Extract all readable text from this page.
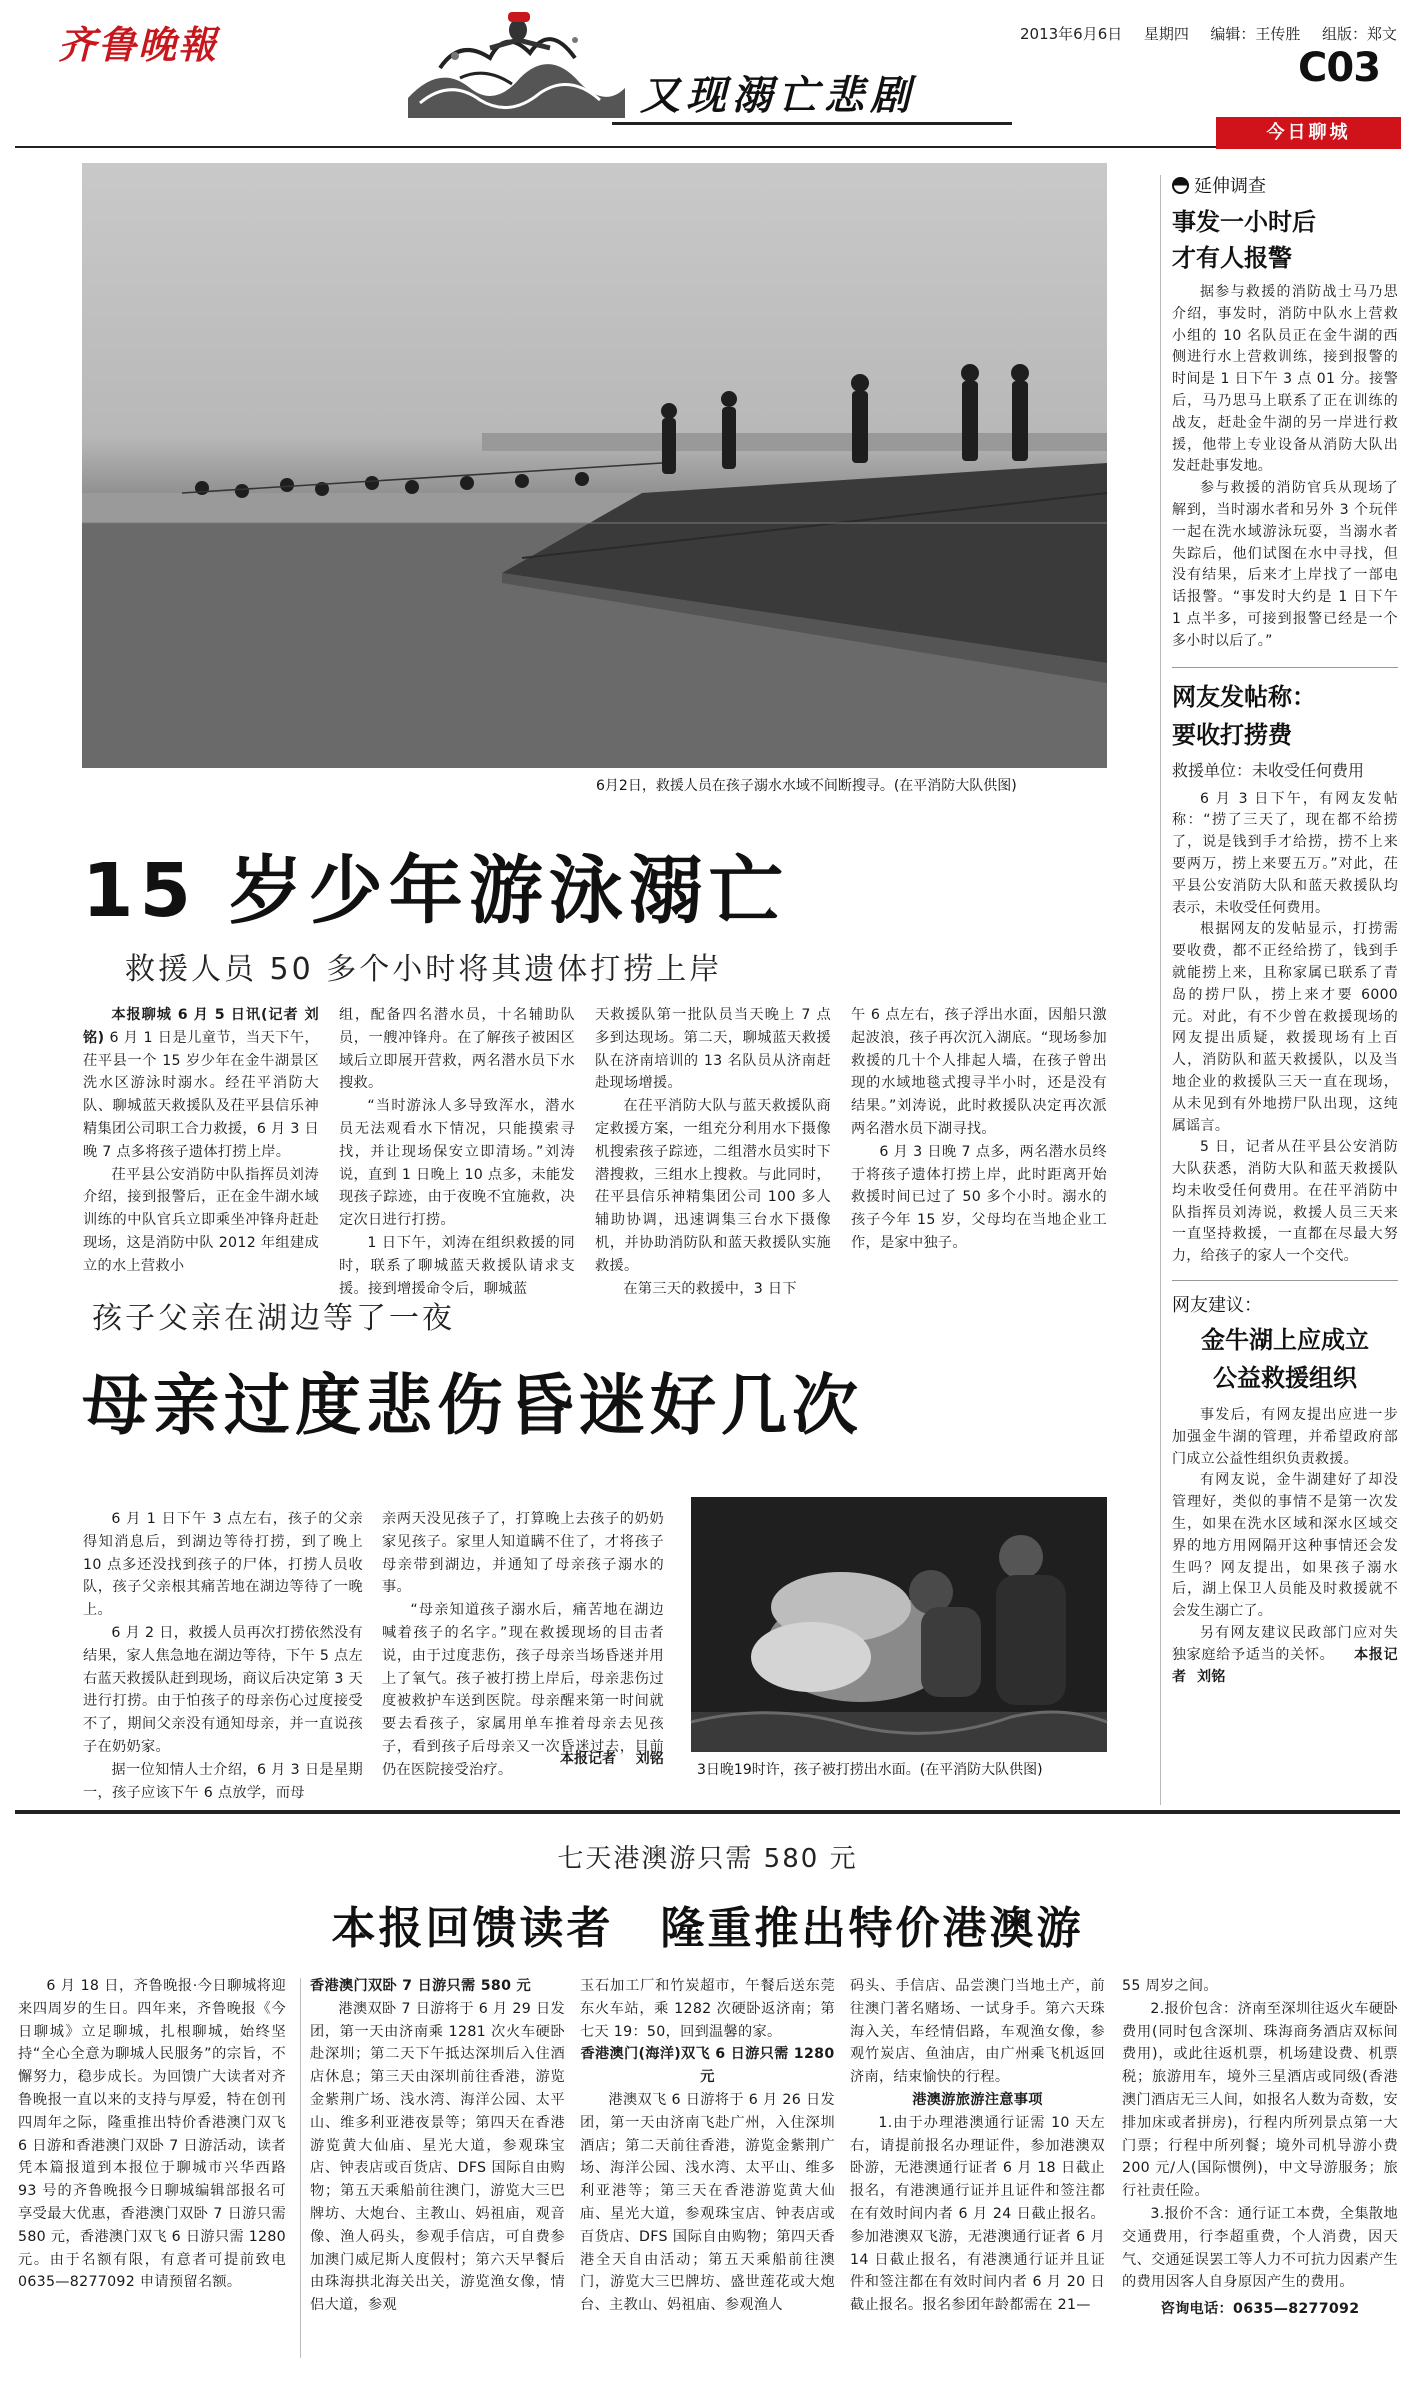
齐鲁晚報
又现溺亡悲剧
2013年6月6日 星期四 编辑：王传胜 组版：郑文
C03
今日聊城
6月2日，救援人员在孩子溺水水域不间断搜寻。(在平消防大队供图)
15 岁少年游泳溺亡
救援人员 50 多个小时将其遗体打捞上岸

本报聊城 6 月 5 日讯(记者 刘铭) 6 月 1 日是儿童节，当天下午，茌平县一个 15 岁少年在金牛湖景区洗水区游泳时溺水。经茌平消防大队、聊城蓝天救援队及茌平县信乐神精集团公司职工合力救援，6 月 3 日晚 7 点多将孩子遗体打捞上岸。

茌平县公安消防中队指挥员刘涛介绍，接到报警后，正在金牛湖水域训练的中队官兵立即乘坐冲锋舟赶赴现场，这是消防中队 2012 年组建成立的水上营救小

组，配备四名潜水员，十名辅助队员，一艘冲锋舟。在了解孩子被困区域后立即展开营救，两名潜水员下水搜救。

“当时游泳人多导致浑水，潜水员无法观看水下情况，只能摸索寻找，并让现场保安立即清场。”刘涛说，直到 1 日晚上 10 点多，未能发现孩子踪迹，由于夜晚不宜施救，决定次日进行打捞。

1 日下午，刘涛在组织救援的同时，联系了聊城蓝天救援队请求支援。接到增援命令后，聊城蓝

天救援队第一批队员当天晚上 7 点多到达现场。第二天，聊城蓝天救援队在济南培训的 13 名队员从济南赶赴现场增援。

在茌平消防大队与蓝天救援队商定救援方案，一组充分利用水下摄像机搜索孩子踪迹，二组潜水员实时下潜搜救，三组水上搜救。与此同时，茌平县信乐神精集团公司 100 多人辅助协调，迅速调集三台水下摄像机，并协助消防队和蓝天救援队实施救援。

在第三天的救援中，3 日下

午 6 点左右，孩子浮出水面，因船只激起波浪，孩子再次沉入湖底。“现场参加救援的几十个人排起人墙，在孩子曾出现的水域地毯式搜寻半小时，还是没有结果。”刘涛说，此时救援队决定再次派两名潜水员下湖寻找。

6 月 3 日晚 7 点多，两名潜水员终于将孩子遗体打捞上岸，此时距离开始救援时间已过了 50 多个小时。溺水的孩子今年 15 岁，父母均在当地企业工作，是家中独子。

孩子父亲在湖边等了一夜
母亲过度悲伤昏迷好几次

6 月 1 日下午 3 点左右，孩子的父亲得知消息后，到湖边等待打捞，到了晚上 10 点多还没找到孩子的尸体，打捞人员收队，孩子父亲根其痛苦地在湖边等待了一晚上。

6 月 2 日，救援人员再次打捞依然没有结果，家人焦急地在湖边等待，下午 5 点左右蓝天救援队赶到现场，商议后决定第 3 天进行打捞。由于怕孩子的母亲伤心过度接受不了，期间父亲没有通知母亲，并一直说孩子在奶奶家。

据一位知情人士介绍，6 月 3 日是星期一，孩子应该下午 6 点放学，而母

亲两天没见孩子了，打算晚上去孩子的奶奶家见孩子。家里人知道瞒不住了，才将孩子母亲带到湖边，并通知了母亲孩子溺水的事。

“母亲知道孩子溺水后，痛苦地在湖边喊着孩子的名字。”现在救援现场的目击者说，由于过度悲伤，孩子母亲当场昏迷并用上了氧气。孩子被打捞上岸后，母亲悲伤过度被救护车送到医院。母亲醒来第一时间就要去看孩子，家属用单车推着母亲去见孩子，看到孩子后母亲又一次昏迷过去，目前仍在医院接受治疗。

本报记者 刘铭
3日晚19时许，孩子被打捞出水面。(在平消防大队供图)
延伸调查
事发一小时后
才有人报警

据参与救援的消防战士马乃思介绍，事发时，消防中队水上营救小组的 10 名队员正在金牛湖的西侧进行水上营救训练，接到报警的时间是 1 日下午 3 点 01 分。接警后，马乃思马上联系了正在训练的战友，赶赴金牛湖的另一岸进行救援，他带上专业设备从消防大队出发赶赴事发地。

参与救援的消防官兵从现场了解到，当时溺水者和另外 3 个玩伴一起在洗水域游泳玩耍，当溺水者失踪后，他们试图在水中寻找，但没有结果，后来才上岸找了一部电话报警。“事发时大约是 1 日下午 1 点半多，可接到报警已经是一个多小时以后了。”

网友发帖称：
要收打捞费
救援单位：未收受任何费用

6 月 3 日下午，有网友发帖称：“捞了三天了，现在都不给捞了，说是钱到手才给捞，捞不上来要两万，捞上来要五万。”对此，茌平县公安消防大队和蓝天救援队均表示，未收受任何费用。

根据网友的发帖显示，打捞需要收费，都不正经给捞了，钱到手就能捞上来，且称家属已联系了青岛的捞尸队，捞上来才要 6000 元。对此，有不少曾在救援现场的网友提出质疑，救援现场有上百人，消防队和蓝天救援队，以及当地企业的救援队三天一直在现场，从未见到有外地捞尸队出现，这纯属谣言。

5 日，记者从茌平县公安消防大队获悉，消防大队和蓝天救援队均未收受任何费用。在茌平消防中队指挥员刘涛说，救援人员三天来一直坚持救援，一直都在尽最大努力，给孩子的家人一个交代。

网友建议：
金牛湖上应成立
公益救援组织

事发后，有网友提出应进一步加强金牛湖的管理，并希望政府部门成立公益性组织负责救援。

有网友说，金牛湖建好了却没管理好，类似的事情不是第一次发生，如果在洗水区域和深水区域交界的地方用网隔开这种事情还会发生吗？网友提出，如果孩子溺水后，湖上保卫人员能及时救援就不会发生溺亡了。

另有网友建议民政部门应对失独家庭给予适当的关怀。 本报记者 刘铭

七天港澳游只需 580 元
本报回馈读者　隆重推出特价港澳游

6 月 18 日，齐鲁晚报·今日聊城将迎来四周岁的生日。四年来，齐鲁晚报《今日聊城》立足聊城，扎根聊城，始终坚持“全心全意为聊城人民服务”的宗旨，不懈努力，稳步成长。为回馈广大读者对齐鲁晚报一直以来的支持与厚爱，特在创刊四周年之际，隆重推出特价香港澳门双飞 6 日游和香港澳门双卧 7 日游活动，读者凭本篇报道到本报位于聊城市兴华西路 93 号的齐鲁晚报今日聊城编辑部报名可享受最大优惠，香港澳门双卧 7 日游只需 580 元，香港澳门双飞 6 日游只需 1280 元。由于名额有限，有意者可提前致电 0635—8277092 申请预留名额。

香港澳门双卧 7 日游只需 580 元

港澳双卧 7 日游将于 6 月 29 日发团，第一天由济南乘 1281 次火车硬卧赴深圳；第二天下午抵达深圳后入住酒店休息；第三天由深圳前往香港，游览金紫荆广场、浅水湾、海洋公园、太平山、维多利亚港夜景等；第四天在香港游览黄大仙庙、星光大道，参观珠宝店、钟表店或百货店、DFS 国际自由购物；第五天乘船前往澳门，游览大三巴牌坊、大炮台、主教山、妈祖庙，观音像、渔人码头，参观手信店，可自费参加澳门威尼斯人度假村；第六天早餐后由珠海拱北海关出关，游览渔女像，情侣大道，参观

玉石加工厂和竹炭超市，午餐后送东莞东火车站，乘 1282 次硬卧返济南；第七天 19：50，回到温馨的家。

香港澳门(海洋)双飞 6 日游只需 1280 元

港澳双飞 6 日游将于 6 月 26 日发团，第一天由济南飞赴广州，入住深圳酒店；第二天前往香港，游览金紫荆广场、海洋公园、浅水湾、太平山、维多利亚港等；第三天在香港游览黄大仙庙、星光大道，参观珠宝店、钟表店或百货店、DFS 国际自由购物；第四天香港全天自由活动；第五天乘船前往澳门，游览大三巴牌坊、盛世莲花或大炮台、主教山、妈祖庙、参观渔人

码头、手信店、品尝澳门当地土产，前往澳门著名赌场、一试身手。第六天珠海入关，车经情侣路，车观渔女像，参观竹炭店、鱼油店，由广州乘飞机返回济南，结束愉快的行程。

港澳游旅游注意事项

1.由于办理港澳通行证需 10 天左右，请提前报名办理证件，参加港澳双卧游，无港澳通行证者 6 月 18 日截止报名，有港澳通行证并且证件和签注都在有效时间内者 6 月 24 日截止报名。参加港澳双飞游，无港澳通行证者 6 月 14 日截止报名，有港澳通行证并且证件和签注都在有效时间内者 6 月 20 日截止报名。报名参团年龄都需在 21—

55 周岁之间。

2.报价包含：济南至深圳往返火车硬卧费用(同时包含深圳、珠海商务酒店双标间费用)，或此往返机票，机场建设费、机票税；旅游用车，境外三星酒店或同级(香港澳门酒店无三人间，如报名人数为奇数，安排加床或者拼房)，行程内所列景点第一大门票；行程中所列餐；境外司机导游小费 200 元/人(国际惯例)，中文导游服务；旅行社责任险。

3.报价不含：通行证工本费，全集散地交通费用，行李超重费，个人消费，因天气、交通延误罢工等人力不可抗力因素产生的费用因客人自身原因产生的费用。

咨询电话：0635—8277092
